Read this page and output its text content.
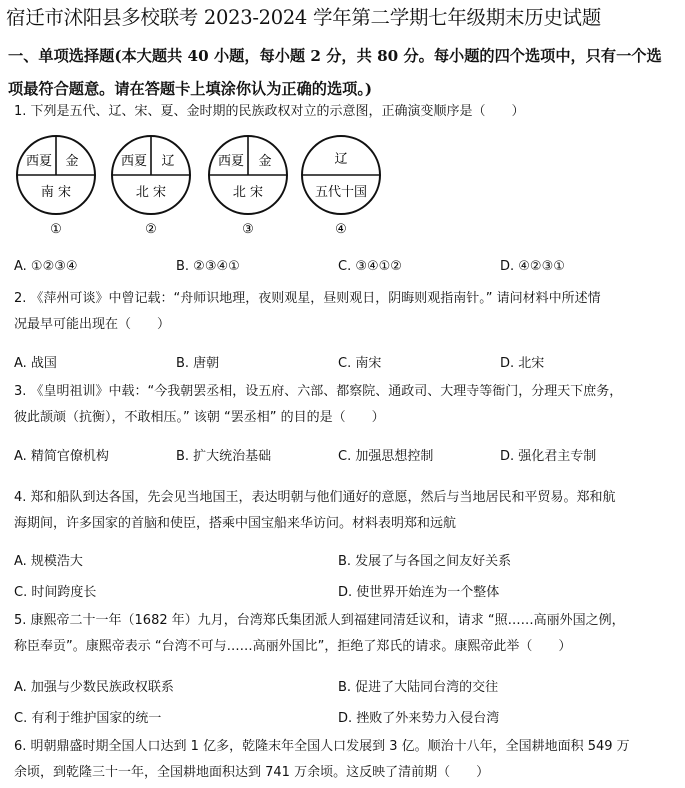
宿迁市沭阳县多校联考 2023-2024 学年第二学期七年级期末历史试题
一、单项选择题(本大题共 40 小题，每小题 2 分，共 80 分。每小题的四个选项中，只有一个选项最符合题意。请在答题卡上填涂你认为正确的选项。)
1. 下列是五代、辽、宋、夏、金时期的民族政权对立的示意图，正确演变顺序是（　　）
西夏 金
南 宋
①
西夏 辽
北 宋
②
西夏 金
北 宋
③
辽
五代十国
④
A. ①②③④	B. ②③④①	C. ③④①②	D. ④②③①
2. 《萍州可谈》中曾记载：“舟师识地理，夜则观星，昼则观日，阴晦则观指南针。” 请问材料中所述情
况最早可能出现在（　　）
A. 战国	B. 唐朝	C. 南宋	D. 北宋
3. 《皇明祖训》中载：“今我朝罢丞相，设五府、六部、都察院、通政司、大理寺等衙门，分理天下庶务，
彼此颉颃（抗衡），不敢相压。” 该朝 “罢丞相” 的目的是（　　）
A. 精简官僚机构	B. 扩大统治基础	C. 加强思想控制	D. 强化君主专制
4. 郑和船队到达各国，先会见当地国王，表达明朝与他们通好的意愿，然后与当地居民和平贸易。郑和航
海期间，许多国家的首脑和使臣，搭乘中国宝船来华访问。材料表明郑和远航
A. 规模浩大	B. 发展了与各国之间友好关系
C. 时间跨度长	D. 使世界开始连为一个整体
5. 康熙帝二十一年（1682 年）九月，台湾郑氏集团派人到福建同清廷议和，请求 “照……高丽外国之例，
称臣奉贡”。康熙帝表示 “台湾不可与……高丽外国比”，拒绝了郑氏的请求。康熙帝此举（　　）
A. 加强与少数民族政权联系	B. 促进了大陆同台湾的交往
C. 有利于维护国家的统一	D. 挫败了外来势力入侵台湾
6. 明朝鼎盛时期全国人口达到 1 亿多，乾隆末年全国人口发展到 3 亿。顺治十八年，全国耕地面积 549 万
余顷，到乾隆三十一年，全国耕地面积达到 741 万余顷。这反映了清前期（　　）
